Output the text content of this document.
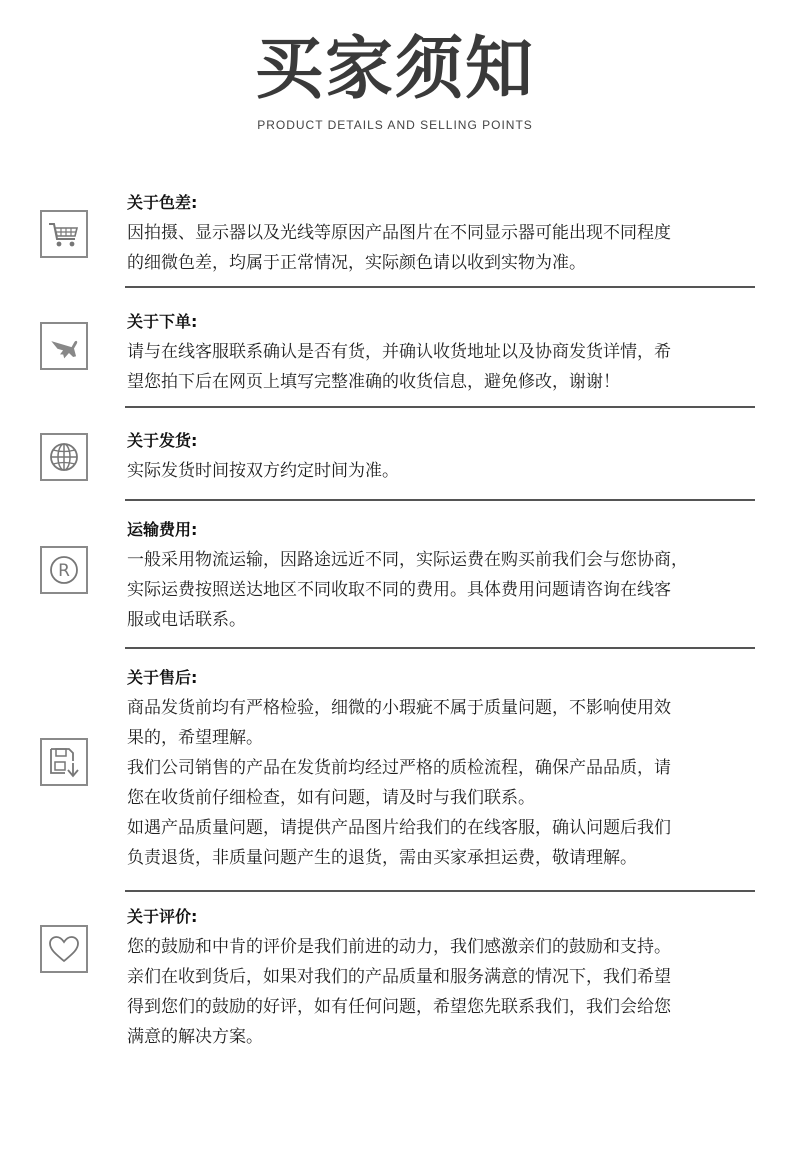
买家须知
PRODUCT DETAILS AND SELLING POINTS
关于色差:

因拍摄、显示器以及光线等原因产品图片在不同显示器可能出现不同程度

的细微色差，均属于正常情况，实际颜色请以收到实物为准。

关于下单:

请与在线客服联系确认是否有货，并确认收货地址以及协商发货详情，希

望您拍下后在网页上填写完整准确的收货信息，避免修改，谢谢！

关于发货:

实际发货时间按双方约定时间为准。

R
运输费用:

一般采用物流运输，因路途远近不同，实际运费在购买前我们会与您协商，

实际运费按照送达地区不同收取不同的费用。具体费用问题请咨询在线客

服或电话联系。

关于售后:

商品发货前均有严格检验，细微的小瑕疵不属于质量问题，不影响使用效

果的，希望理解。

我们公司销售的产品在发货前均经过严格的质检流程，确保产品品质，请

您在收货前仔细检查，如有问题，请及时与我们联系。

如遇产品质量问题，请提供产品图片给我们的在线客服，确认问题后我们

负责退货，非质量问题产生的退货，需由买家承担运费，敬请理解。

关于评价:

您的鼓励和中肯的评价是我们前进的动力，我们感激亲们的鼓励和支持。

亲们在收到货后，如果对我们的产品质量和服务满意的情况下，我们希望

得到您们的鼓励的好评，如有任何问题，希望您先联系我们，我们会给您

满意的解决方案。
